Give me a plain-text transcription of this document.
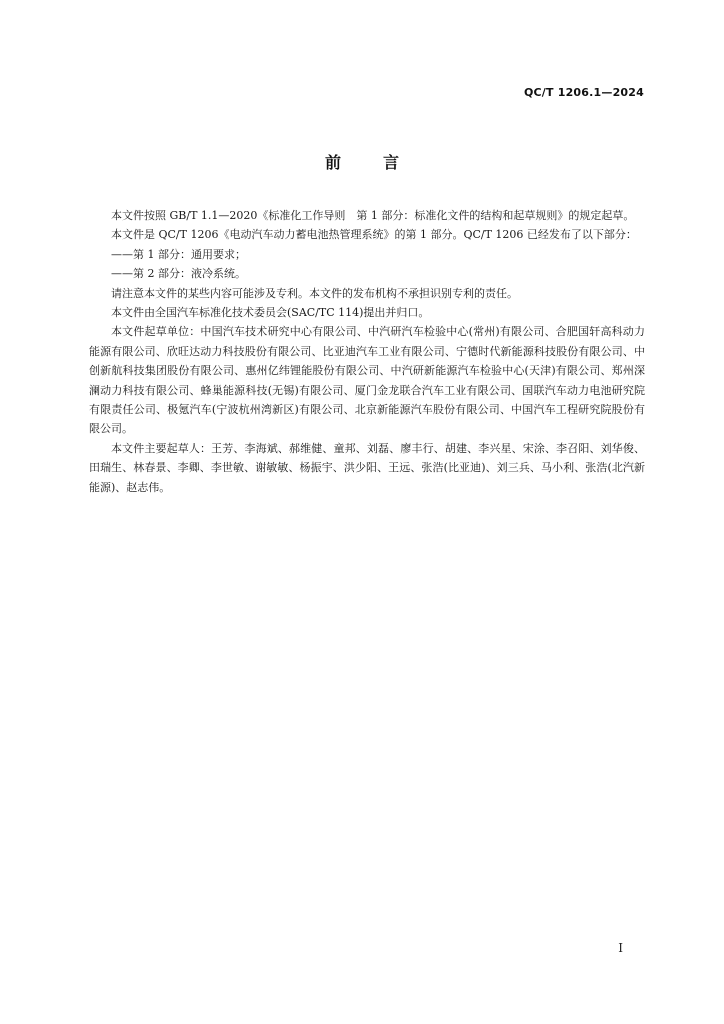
QC/T 1206.1—2024
前言

本文件按照 GB/T 1.1—2020《标准化工作导则　第 1 部分：标准化文件的结构和起草规则》的规定起草。

本文件是 QC/T 1206《电动汽车动力蓄电池热管理系统》的第 1 部分。QC/T 1206 已经发布了以下部分：

——第 1 部分：通用要求；

——第 2 部分：液冷系统。

请注意本文件的某些内容可能涉及专利。本文件的发布机构不承担识别专利的责任。

本文件由全国汽车标准化技术委员会(SAC/TC 114)提出并归口。

本文件起草单位：中国汽车技术研究中心有限公司、中汽研汽车检验中心(常州)有限公司、合肥国轩高科动力能源有限公司、欣旺达动力科技股份有限公司、比亚迪汽车工业有限公司、宁德时代新能源科技股份有限公司、中创新航科技集团股份有限公司、惠州亿纬锂能股份有限公司、中汽研新能源汽车检验中心(天津)有限公司、郑州深澜动力科技有限公司、蜂巢能源科技(无锡)有限公司、厦门金龙联合汽车工业有限公司、国联汽车动力电池研究院有限责任公司、极氪汽车(宁波杭州湾新区)有限公司、北京新能源汽车股份有限公司、中国汽车工程研究院股份有限公司。

本文件主要起草人：王芳、李海斌、郝维健、童邦、刘磊、廖丰行、胡建、李兴星、宋涂、李召阳、刘华俊、田瑞生、林春景、李卿、李世敏、谢敏敏、杨振宇、洪少阳、王远、张浩(比亚迪)、刘三兵、马小利、张浩(北汽新能源)、赵志伟。

I
